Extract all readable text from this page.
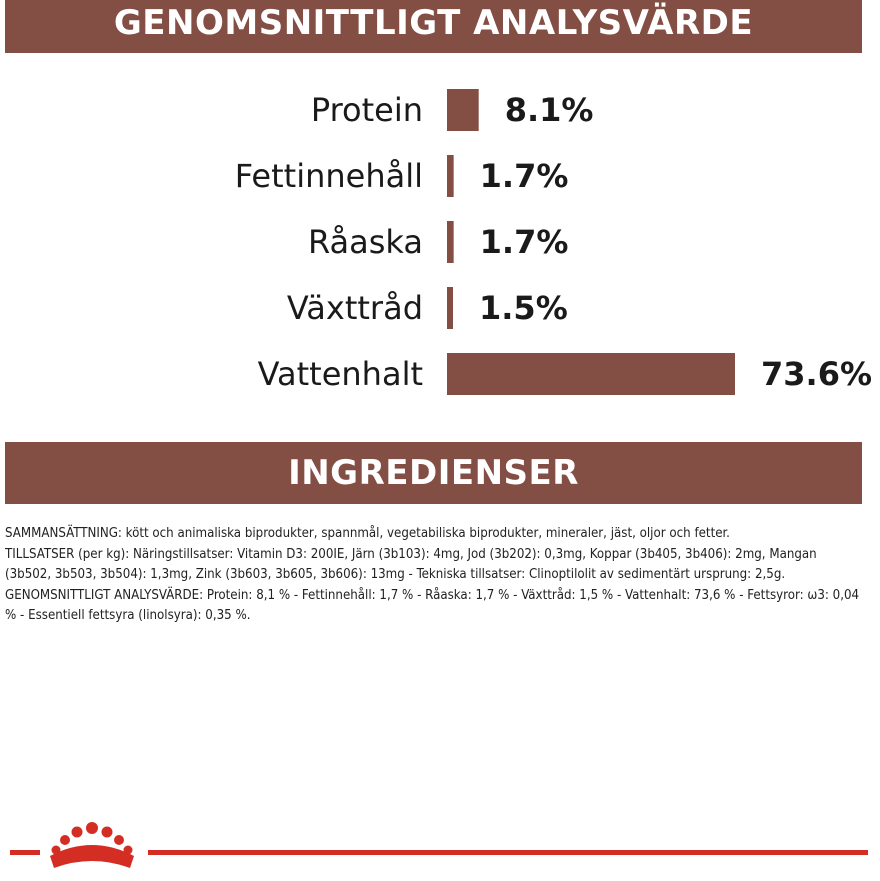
GENOMSNITTLIGT ANALYSVÄRDE
Protein	8.1%
Fettinnehåll 1.7%
Råaska 1.7%
Växttråd 1.5%
Vattenhalt	73.6%
INGREDIENSER

SAMMANSÄTTNING: kött och animaliska biprodukter, spannmål, vegetabiliska biprodukter, mineraler, jäst, oljor och fetter.

TILLSATSER (per kg): Näringstillsatser: Vitamin D3: 200IE, Järn (3b103): 4mg, Jod (3b202): 0,3mg, Koppar (3b405, 3b406): 2mg, Mangan (3b502, 3b503, 3b504): 1,3mg, Zink (3b603, 3b605, 3b606): 13mg - Tekniska tillsatser: Clinoptilolit av sedimentärt ursprung: 2,5g.

GENOMSNITTLIGT ANALYSVÄRDE: Protein: 8,1 % - Fettinnehåll: 1,7 % - Råaska: 1,7 % - Växttråd: 1,5 % - Vattenhalt: 73,6 % - Fettsyror: ω3: 0,04 % - Essentiell fettsyra (linolsyra): 0,35 %.
